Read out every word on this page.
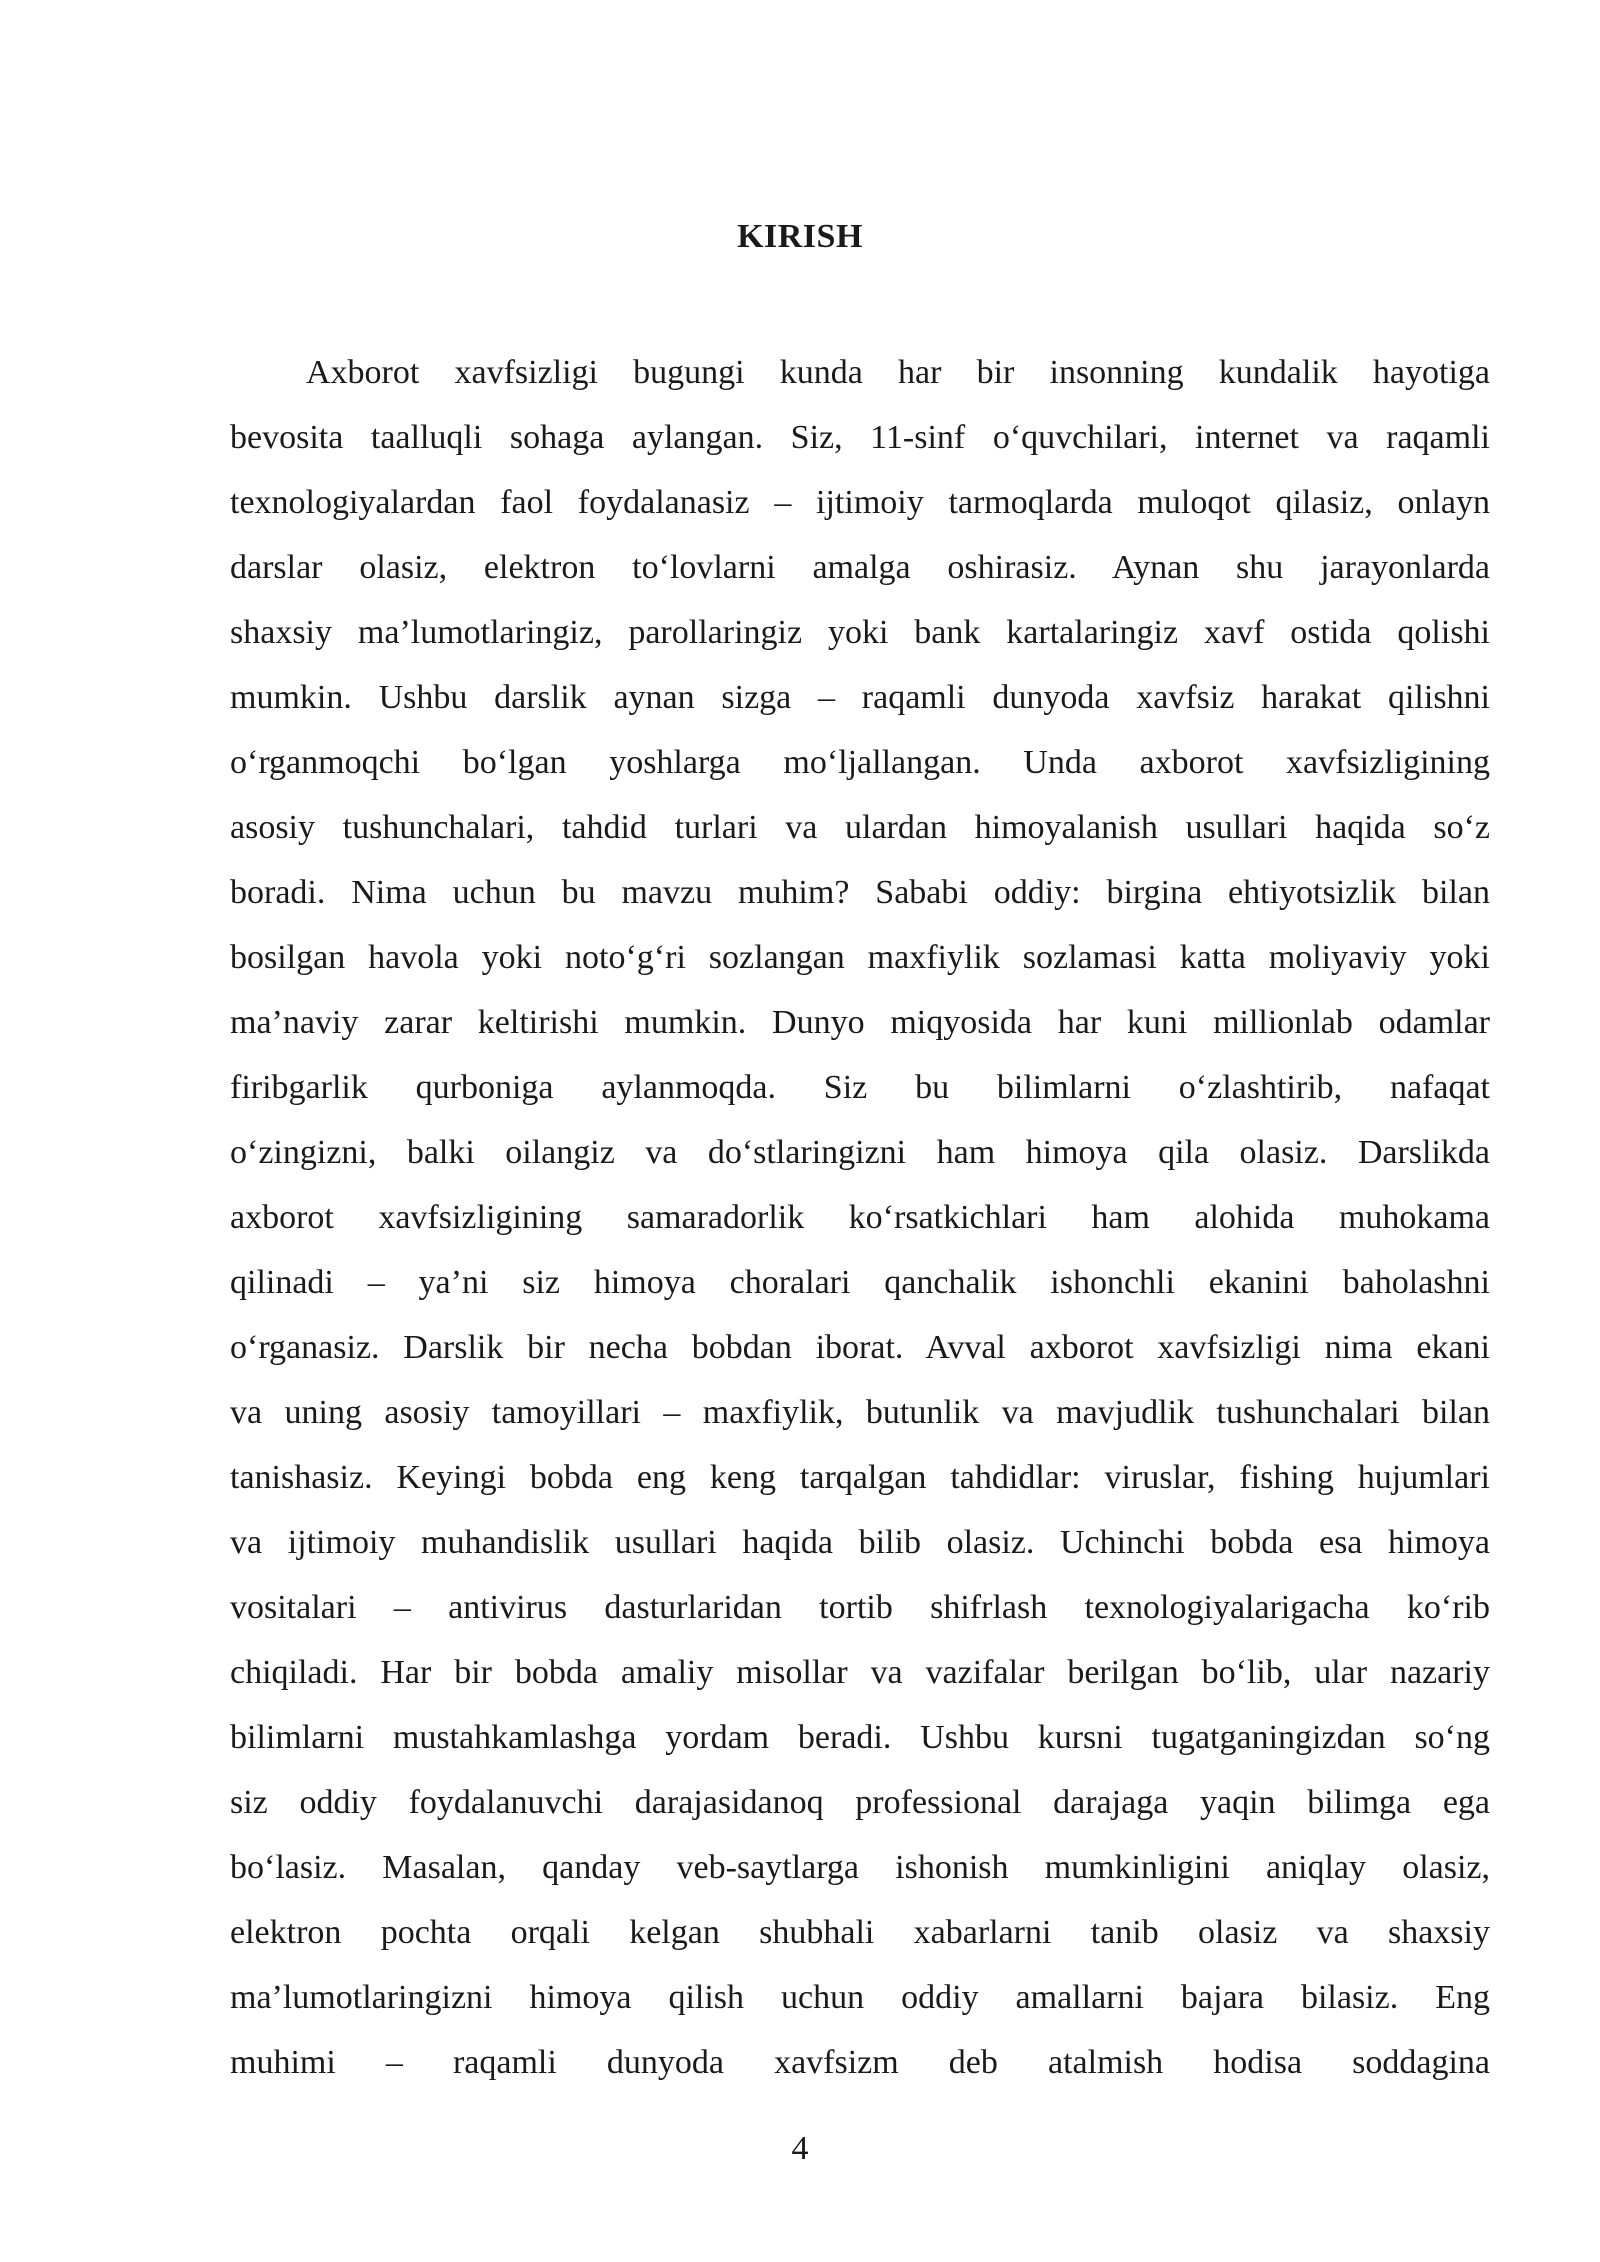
KIRISH
Axborot xavfsizligi bugungi kunda har bir insonning kundalik hayotiga
bevosita taalluqli sohaga aylangan. Siz, 11-sinf o‘quvchilari, internet va raqamli
texnologiyalardan faol foydalanasiz – ijtimoiy tarmoqlarda muloqot qilasiz, onlayn
darslar olasiz, elektron to‘lovlarni amalga oshirasiz. Aynan shu jarayonlarda
shaxsiy ma’lumotlaringiz, parollaringiz yoki bank kartalaringiz xavf ostida qolishi
mumkin. Ushbu darslik aynan sizga – raqamli dunyoda xavfsiz harakat qilishni
o‘rganmoqchi bo‘lgan yoshlarga mo‘ljallangan. Unda axborot xavfsizligining
asosiy tushunchalari, tahdid turlari va ulardan himoyalanish usullari haqida so‘z
boradi. Nima uchun bu mavzu muhim? Sababi oddiy: birgina ehtiyotsizlik bilan
bosilgan havola yoki noto‘g‘ri sozlangan maxfiylik sozlamasi katta moliyaviy yoki
ma’naviy zarar keltirishi mumkin. Dunyo miqyosida har kuni millionlab odamlar
firibgarlik qurboniga aylanmoqda. Siz bu bilimlarni o‘zlashtirib, nafaqat
o‘zingizni, balki oilangiz va do‘stlaringizni ham himoya qila olasiz. Darslikda
axborot xavfsizligining samaradorlik ko‘rsatkichlari ham alohida muhokama
qilinadi – ya’ni siz himoya choralari qanchalik ishonchli ekanini baholashni
o‘rganasiz. Darslik bir necha bobdan iborat. Avval axborot xavfsizligi nima ekani
va uning asosiy tamoyillari – maxfiylik, butunlik va mavjudlik tushunchalari bilan
tanishasiz. Keyingi bobda eng keng tarqalgan tahdidlar: viruslar, fishing hujumlari
va ijtimoiy muhandislik usullari haqida bilib olasiz. Uchinchi bobda esa himoya
vositalari – antivirus dasturlaridan tortib shifrlash texnologiyalarigacha ko‘rib
chiqiladi. Har bir bobda amaliy misollar va vazifalar berilgan bo‘lib, ular nazariy
bilimlarni mustahkamlashga yordam beradi. Ushbu kursni tugatganingizdan so‘ng
siz oddiy foydalanuvchi darajasidanoq professional darajaga yaqin bilimga ega
bo‘lasiz. Masalan, qanday veb-saytlarga ishonish mumkinligini aniqlay olasiz,
elektron pochta orqali kelgan shubhali xabarlarni tanib olasiz va shaxsiy
ma’lumotlaringizni himoya qilish uchun oddiy amallarni bajara bilasiz. Eng
muhimi – raqamli dunyoda xavfsizm deb atalmish hodisa soddagina
4
